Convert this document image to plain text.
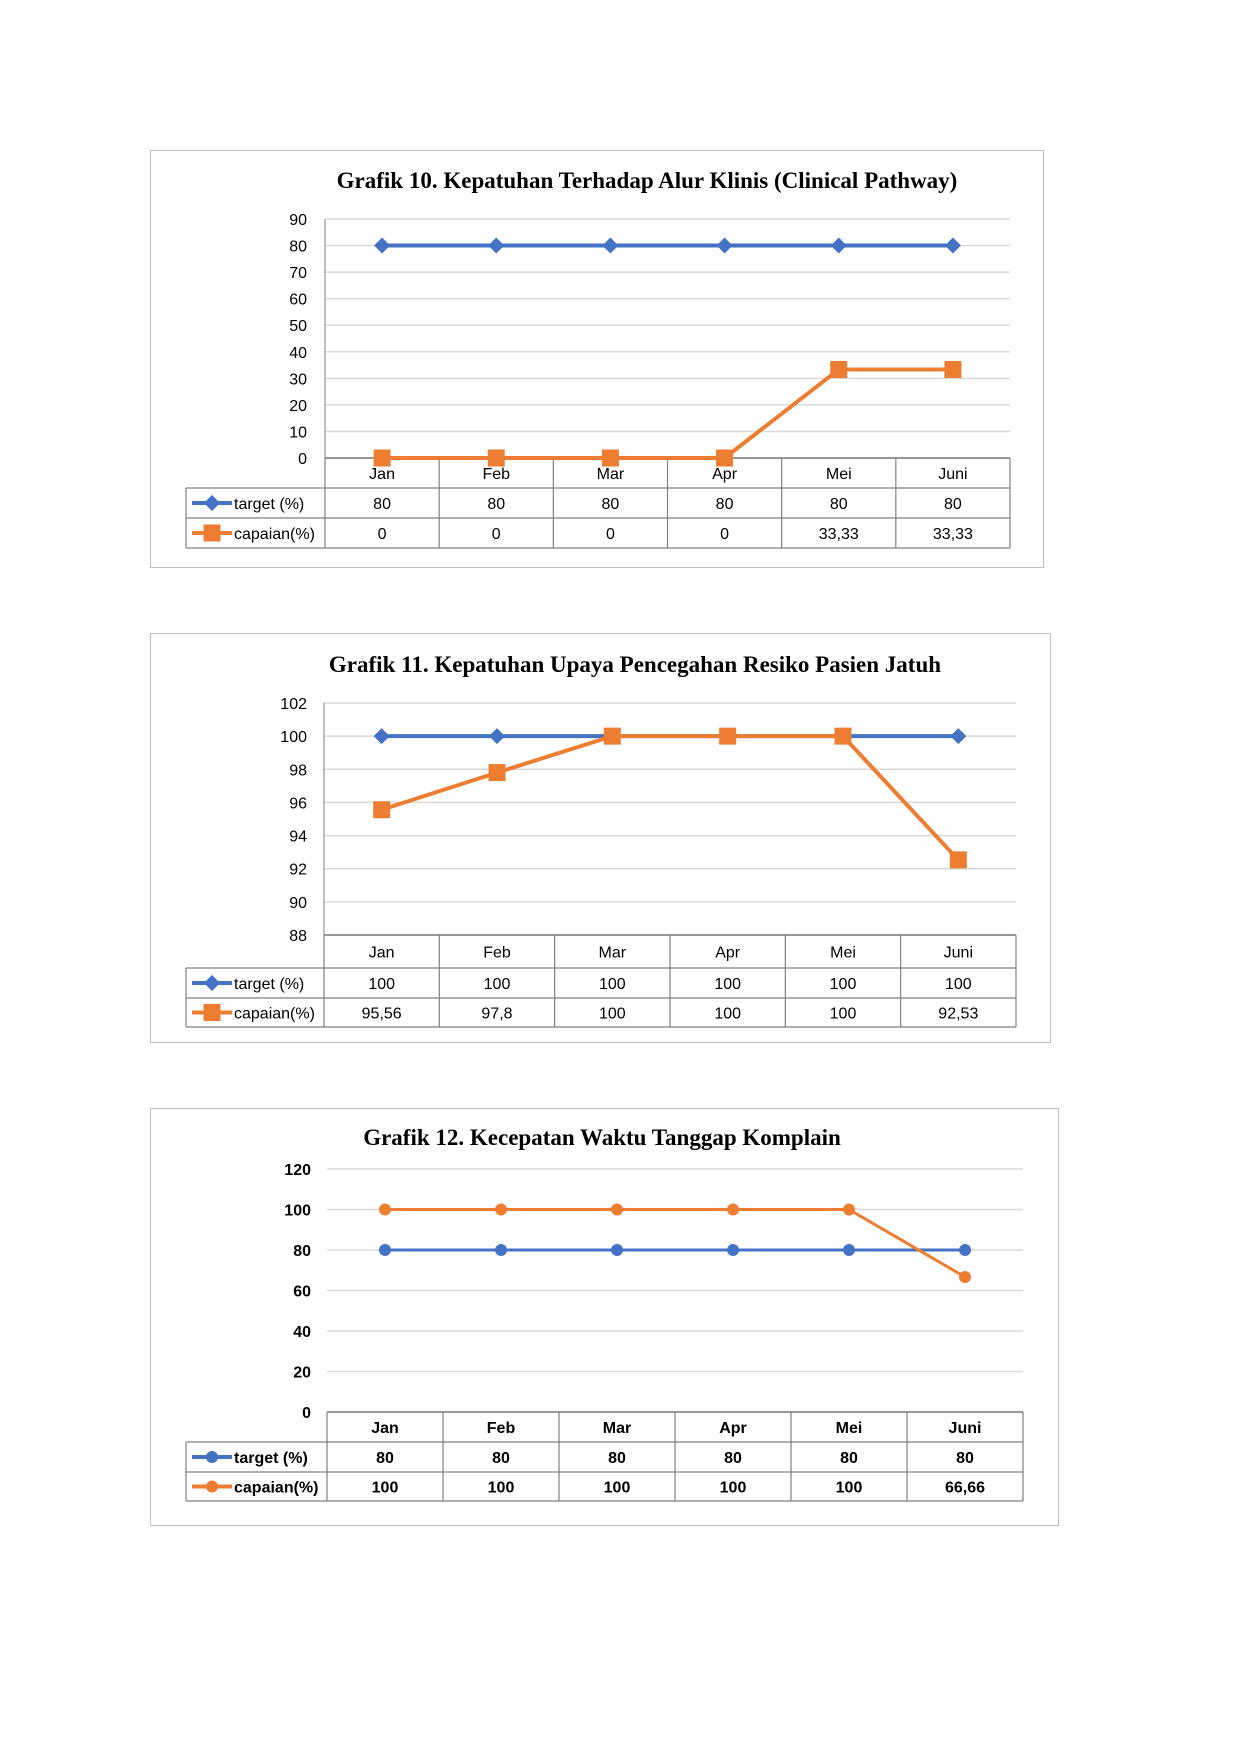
Grafik 10. Kepatuhan Terhadap Alur Klinis (Clinical Pathway)
0
10
20
30
40
50
60
70
80
90
Jan	Feb	Mar	Apr	Mei	Juni
target (%)	80	80	80	80	80	80
capaian(%)	0	0	0	0	33,33	33,33
Grafik 11. Kepatuhan Upaya Pencegahan Resiko Pasien Jatuh
88
90
92
94
96
98
100
102
Jan	Feb	Mar	Apr	Mei	Juni
target (%)	100	100	100	100	100	100
capaian(%)	95,56	97,8	100	100	100	92,53
Grafik 12. Kecepatan Waktu Tanggap Komplain
0
20
40
60
80
100
120
Jan	Feb	Mar	Apr	Mei	Juni
target (%)	80	80	80	80	80	80
capaian(%)	100	100	100	100	100	66,66
